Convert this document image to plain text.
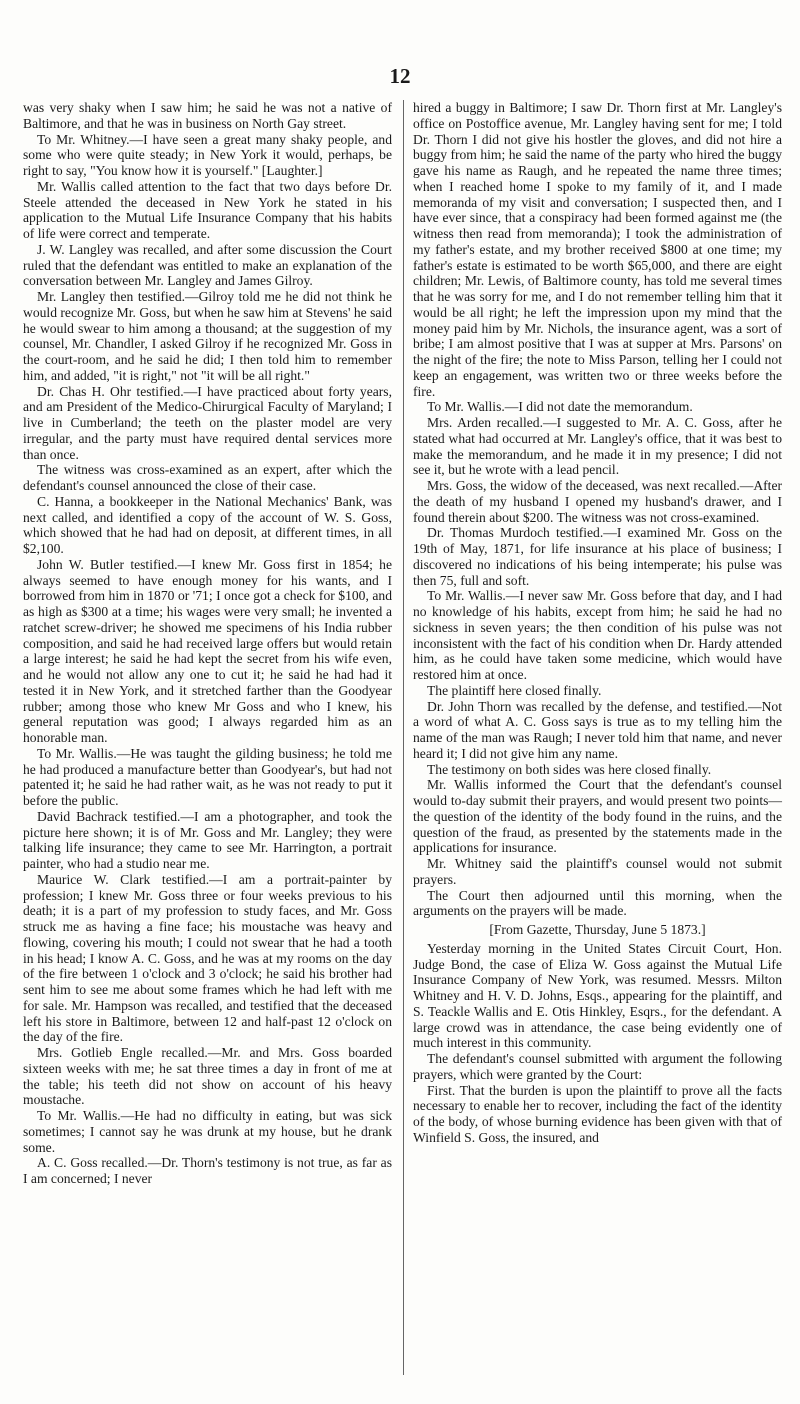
12

was very shaky when I saw him; he said he was not a native of Baltimore, and that he was in business on North Gay street.

To Mr. Whitney.—I have seen a great many shaky people, and some who were quite steady; in New York it would, perhaps, be right to say, "You know how it is yourself." [Laughter.]

Mr. Wallis called attention to the fact that two days before Dr. Steele attended the deceased in New York he stated in his application to the Mutual Life Insurance Company that his habits of life were correct and temperate.

J. W. Langley was recalled, and after some discussion the Court ruled that the defendant was entitled to make an explanation of the conversation between Mr. Langley and James Gilroy.

Mr. Langley then testified.—Gilroy told me he did not think he would recognize Mr. Goss, but when he saw him at Stevens' he said he would swear to him among a thousand; at the suggestion of my counsel, Mr. Chandler, I asked Gilroy if he recognized Mr. Goss in the court-room, and he said he did; I then told him to remember him, and added, "it is right," not "it will be all right."

Dr. Chas H. Ohr testified.—I have practiced about forty years, and am President of the Medico-Chirurgical Faculty of Maryland; I live in Cumberland; the teeth on the plaster model are very irregular, and the party must have required dental services more than once.

The witness was cross-examined as an expert, after which the defendant's counsel announced the close of their case.

C. Hanna, a bookkeeper in the National Mechanics' Bank, was next called, and identified a copy of the account of W. S. Goss, which showed that he had had on deposit, at different times, in all $2,100.

John W. Butler testified.—I knew Mr. Goss first in 1854; he always seemed to have enough money for his wants, and I borrowed from him in 1870 or '71; I once got a check for $100, and as high as $300 at a time; his wages were very small; he invented a ratchet screw-driver; he showed me specimens of his India rubber composition, and said he had received large offers but would retain a large interest; he said he had kept the secret from his wife even, and he would not allow any one to cut it; he said he had had it tested it in New York, and it stretched farther than the Goodyear rubber; among those who knew Mr Goss and who I knew, his general reputation was good; I always regarded him as an honorable man.

To Mr. Wallis.—He was taught the gilding business; he told me he had produced a manufacture better than Goodyear's, but had not patented it; he said he had rather wait, as he was not ready to put it before the public.

David Bachrack testified.—I am a photographer, and took the picture here shown; it is of Mr. Goss and Mr. Langley; they were talking life insurance; they came to see Mr. Harrington, a portrait painter, who had a studio near me.

Maurice W. Clark testified.—I am a portrait-painter by profession; I knew Mr. Goss three or four weeks previous to his death; it is a part of my profession to study faces, and Mr. Goss struck me as having a fine face; his moustache was heavy and flowing, covering his mouth; I could not swear that he had a tooth in his head; I know A. C. Goss, and he was at my rooms on the day of the fire between 1 o'clock and 3 o'clock; he said his brother had sent him to see me about some frames which he had left with me for sale. Mr. Hampson was recalled, and testified that the deceased left his store in Baltimore, between 12 and half-past 12 o'clock on the day of the fire.

Mrs. Gotlieb Engle recalled.—Mr. and Mrs. Goss boarded sixteen weeks with me; he sat three times a day in front of me at the table; his teeth did not show on account of his heavy moustache.

To Mr. Wallis.—He had no difficulty in eating, but was sick sometimes; I cannot say he was drunk at my house, but he drank some.

A. C. Goss recalled.—Dr. Thorn's testimony is not true, as far as I am concerned; I never

hired a buggy in Baltimore; I saw Dr. Thorn first at Mr. Langley's office on Postoffice avenue, Mr. Langley having sent for me; I told Dr. Thorn I did not give his hostler the gloves, and did not hire a buggy from him; he said the name of the party who hired the buggy gave his name as Raugh, and he repeated the name three times; when I reached home I spoke to my family of it, and I made memoranda of my visit and conversation; I suspected then, and I have ever since, that a conspiracy had been formed against me (the witness then read from memoranda); I took the administration of my father's estate, and my brother received $800 at one time; my father's estate is estimated to be worth $65,000, and there are eight children; Mr. Lewis, of Baltimore county, has told me several times that he was sorry for me, and I do not remember telling him that it would be all right; he left the impression upon my mind that the money paid him by Mr. Nichols, the insurance agent, was a sort of bribe; I am almost positive that I was at supper at Mrs. Parsons' on the night of the fire; the note to Miss Parson, telling her I could not keep an engagement, was written two or three weeks before the fire.

To Mr. Wallis.—I did not date the memorandum.

Mrs. Arden recalled.—I suggested to Mr. A. C. Goss, after he stated what had occurred at Mr. Langley's office, that it was best to make the memorandum, and he made it in my presence; I did not see it, but he wrote with a lead pencil.

Mrs. Goss, the widow of the deceased, was next recalled.—After the death of my husband I opened my husband's drawer, and I found therein about $200. The witness was not cross-examined.

Dr. Thomas Murdoch testified.—I examined Mr. Goss on the 19th of May, 1871, for life insurance at his place of business; I discovered no indications of his being intemperate; his pulse was then 75, full and soft.

To Mr. Wallis.—I never saw Mr. Goss before that day, and I had no knowledge of his habits, except from him; he said he had no sickness in seven years; the then condition of his pulse was not inconsistent with the fact of his condition when Dr. Hardy attended him, as he could have taken some medicine, which would have restored him at once.

The plaintiff here closed finally.

Dr. John Thorn was recalled by the defense, and testified.—Not a word of what A. C. Goss says is true as to my telling him the name of the man was Raugh; I never told him that name, and never heard it; I did not give him any name.

The testimony on both sides was here closed finally.

Mr. Wallis informed the Court that the defendant's counsel would to-day submit their prayers, and would present two points—the question of the identity of the body found in the ruins, and the question of the fraud, as presented by the statements made in the applications for insurance.

Mr. Whitney said the plaintiff's counsel would not submit prayers.

The Court then adjourned until this morning, when the arguments on the prayers will be made.

[From Gazette, Thursday, June 5 1873.]

Yesterday morning in the United States Circuit Court, Hon. Judge Bond, the case of Eliza W. Goss against the Mutual Life Insurance Company of New York, was resumed. Messrs. Milton Whitney and H. V. D. Johns, Esqs., appearing for the plaintiff, and S. Teackle Wallis and E. Otis Hinkley, Esqrs., for the defendant. A large crowd was in attendance, the case being evidently one of much interest in this community.

The defendant's counsel submitted with argument the following prayers, which were granted by the Court:

First. That the burden is upon the plaintiff to prove all the facts necessary to enable her to recover, including the fact of the identity of the body, of whose burning evidence has been given with that of Winfield S. Goss, the insured, and
